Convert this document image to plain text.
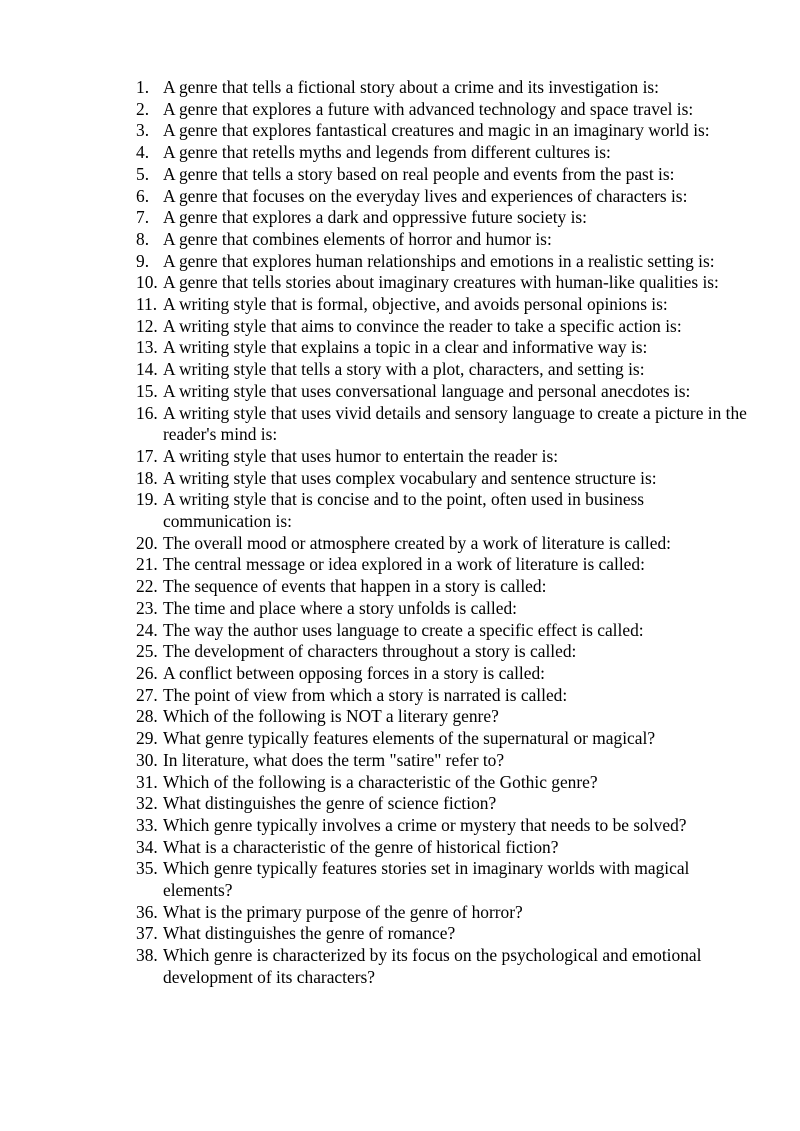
1. A genre that tells a fictional story about a crime and its investigation is:
2. A genre that explores a future with advanced technology and space travel is:
3. A genre that explores fantastical creatures and magic in an imaginary world is:
4. A genre that retells myths and legends from different cultures is:
5. A genre that tells a story based on real people and events from the past is:
6. A genre that focuses on the everyday lives and experiences of characters is:
7. A genre that explores a dark and oppressive future society is:
8. A genre that combines elements of horror and humor is:
9. A genre that explores human relationships and emotions in a realistic setting is:
10. A genre that tells stories about imaginary creatures with human-like qualities is:
11. A writing style that is formal, objective, and avoids personal opinions is:
12. A writing style that aims to convince the reader to take a specific action is:
13. A writing style that explains a topic in a clear and informative way is:
14. A writing style that tells a story with a plot, characters, and setting is:
15. A writing style that uses conversational language and personal anecdotes is:
16. A writing style that uses vivid details and sensory language to create a picture in the reader's mind is:
17. A writing style that uses humor to entertain the reader is:
18. A writing style that uses complex vocabulary and sentence structure is:
19. A writing style that is concise and to the point, often used in business communication is:
20. The overall mood or atmosphere created by a work of literature is called:
21. The central message or idea explored in a work of literature is called:
22. The sequence of events that happen in a story is called:
23. The time and place where a story unfolds is called:
24. The way the author uses language to create a specific effect is called:
25. The development of characters throughout a story is called:
26. A conflict between opposing forces in a story is called:
27. The point of view from which a story is narrated is called:
28. Which of the following is NOT a literary genre?
29. What genre typically features elements of the supernatural or magical?
30. In literature, what does the term "satire" refer to?
31. Which of the following is a characteristic of the Gothic genre?
32. What distinguishes the genre of science fiction?
33. Which genre typically involves a crime or mystery that needs to be solved?
34. What is a characteristic of the genre of historical fiction?
35. Which genre typically features stories set in imaginary worlds with magical elements?
36. What is the primary purpose of the genre of horror?
37. What distinguishes the genre of romance?
38. Which genre is characterized by its focus on the psychological and emotional development of its characters?
